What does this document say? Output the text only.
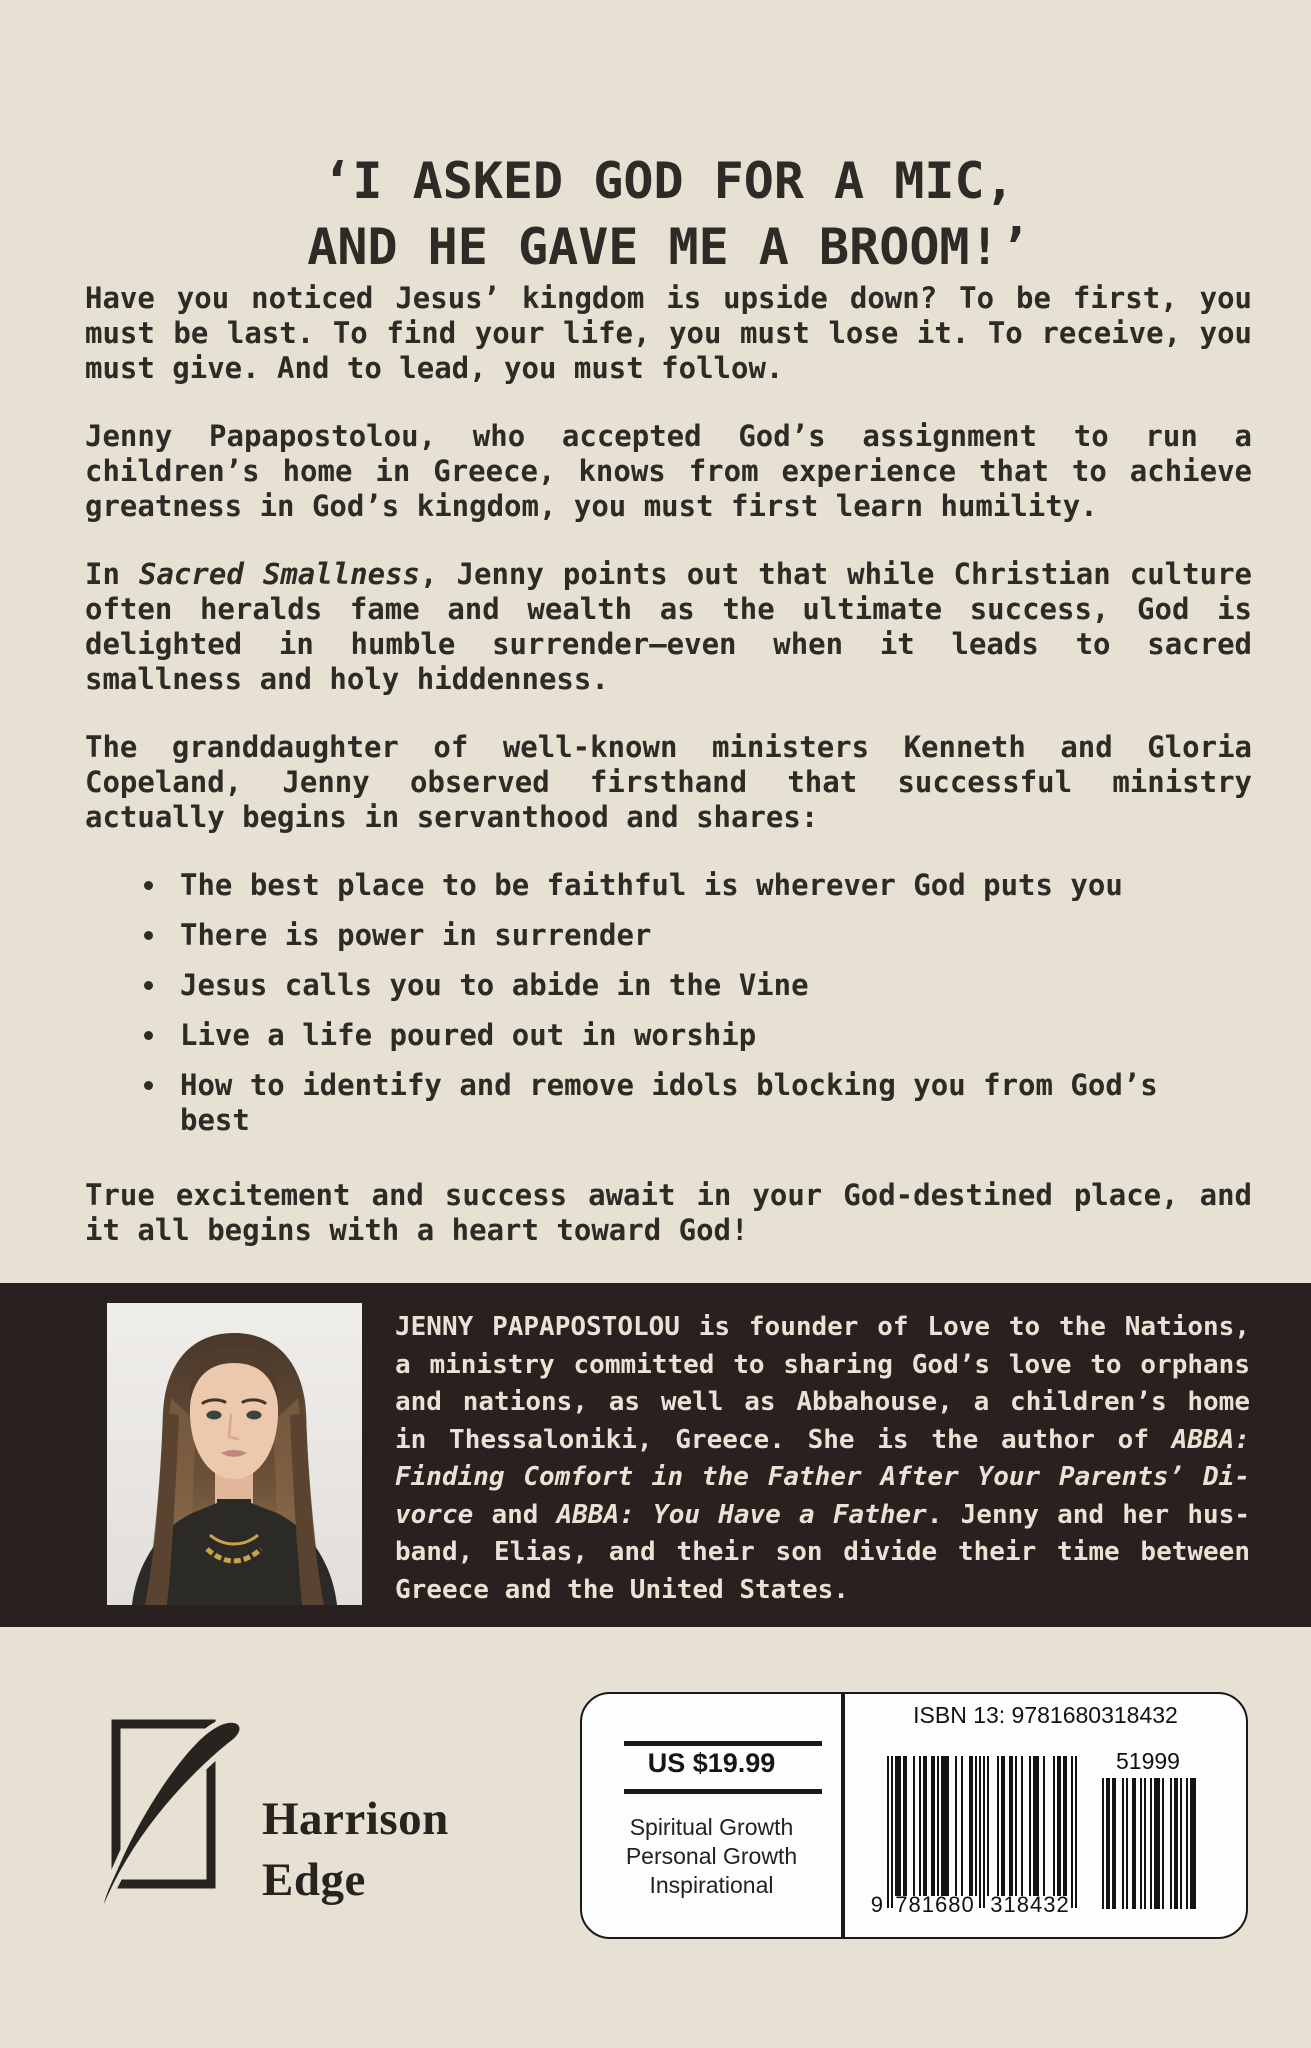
‘I ASKED GOD FOR A MIC,
AND HE GAVE ME A BROOM!’

Have you noticed Jesus’ kingdom is upside down? To be first, you must be last. To find your life, you must lose it. To receive, you must give. And to lead, you must follow.

Jenny Papapostolou, who accepted God’s assignment to run a children’s home in Greece, knows from experience that to achieve greatness in God’s kingdom, you must first learn humility.

In Sacred Smallness, Jenny points out that while Christian culture often heralds fame and wealth as the ultimate success, God is delighted in humble surrender—even when it leads to sacred smallness and holy hiddenness.

The granddaughter of well-known ministers Kenneth and Gloria Copeland, Jenny observed firsthand that successful ministry actually begins in servanthood and shares:

The best place to be faithful is wherever God puts you
There is power in surrender
Jesus calls you to abide in the Vine
Live a life poured out in worship
How to identify and remove idols blocking you from God’s best

True excitement and success await in your God-destined place, and it all begins with a heart toward God!

JENNY PAPAPOSTOLOU is founder of Love to the Nations, a ministry committed to sharing God’s love to orphans and nations, as well as Abbahouse, a children’s home in Thessaloniki, Greece. She is the author of ABBA: Finding Comfort in the Father After Your Parents’ Divorce and ABBA: You Have a Father. Jenny and her husband, Elias, and their son divide their time between Greece and the United States.

Harrison
Edge
US $19.99
Spiritual Growth
Personal Growth
Inspirational
ISBN 13: 9781680318432
51999
9 781680 318432
